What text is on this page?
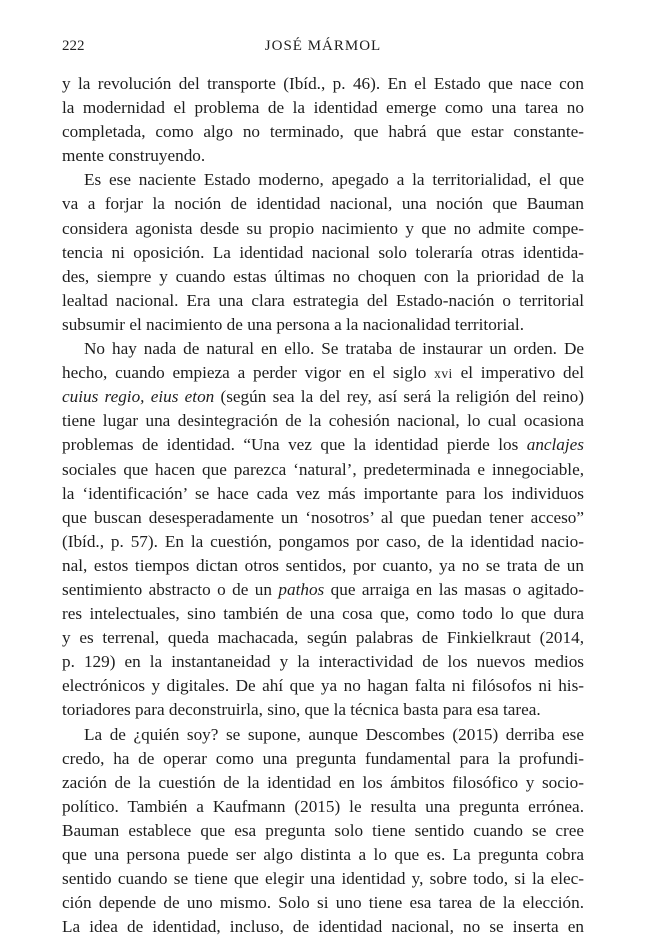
222	JOSÉ MÁRMOL
y la revolución del transporte (Ibíd., p. 46). En el Estado que nace con
la modernidad el problema de la identidad emerge como una tarea no
completada, como algo no terminado, que habrá que estar constante-
mente construyendo.
Es ese naciente Estado moderno, apegado a la territorialidad, el que
va a forjar la noción de identidad nacional, una noción que Bauman
considera agonista desde su propio nacimiento y que no admite compe-
tencia ni oposición. La identidad nacional solo toleraría otras identida-
des, siempre y cuando estas últimas no choquen con la prioridad de la
lealtad nacional. Era una clara estrategia del Estado-nación o territorial
subsumir el nacimiento de una persona a la nacionalidad territorial.
No hay nada de natural en ello. Se trataba de instaurar un orden. De
hecho, cuando empieza a perder vigor en el siglo xvi el imperativo del
cuius regio, eius eton (según sea la del rey, así será la religión del reino)
tiene lugar una desintegración de la cohesión nacional, lo cual ocasiona
problemas de identidad. “Una vez que la identidad pierde los anclajes
sociales que hacen que parezca ‘natural’, predeterminada e innegociable,
la ‘identificación’ se hace cada vez más importante para los individuos
que buscan desesperadamente un ‘nosotros’ al que puedan tener acceso”
(Ibíd., p. 57). En la cuestión, pongamos por caso, de la identidad nacio-
nal, estos tiempos dictan otros sentidos, por cuanto, ya no se trata de un
sentimiento abstracto o de un pathos que arraiga en las masas o agitado-
res intelectuales, sino también de una cosa que, como todo lo que dura
y es terrenal, queda machacada, según palabras de Finkielkraut (2014,
p. 129) en la instantaneidad y la interactividad de los nuevos medios
electrónicos y digitales. De ahí que ya no hagan falta ni filósofos ni his-
toriadores para deconstruirla, sino, que la técnica basta para esa tarea.
La de ¿quién soy? se supone, aunque Descombes (2015) derriba ese
credo, ha de operar como una pregunta fundamental para la profundi-
zación de la cuestión de la identidad en los ámbitos filosófico y socio-
político. También a Kaufmann (2015) le resulta una pregunta errónea.
Bauman establece que esa pregunta solo tiene sentido cuando se cree
que una persona puede ser algo distinta a lo que es. La pregunta cobra
sentido cuando se tiene que elegir una identidad y, sobre todo, si la elec-
ción depende de uno mismo. Solo si uno tiene esa tarea de la elección.
La idea de identidad, incluso, de identidad nacional, no se inserta en
